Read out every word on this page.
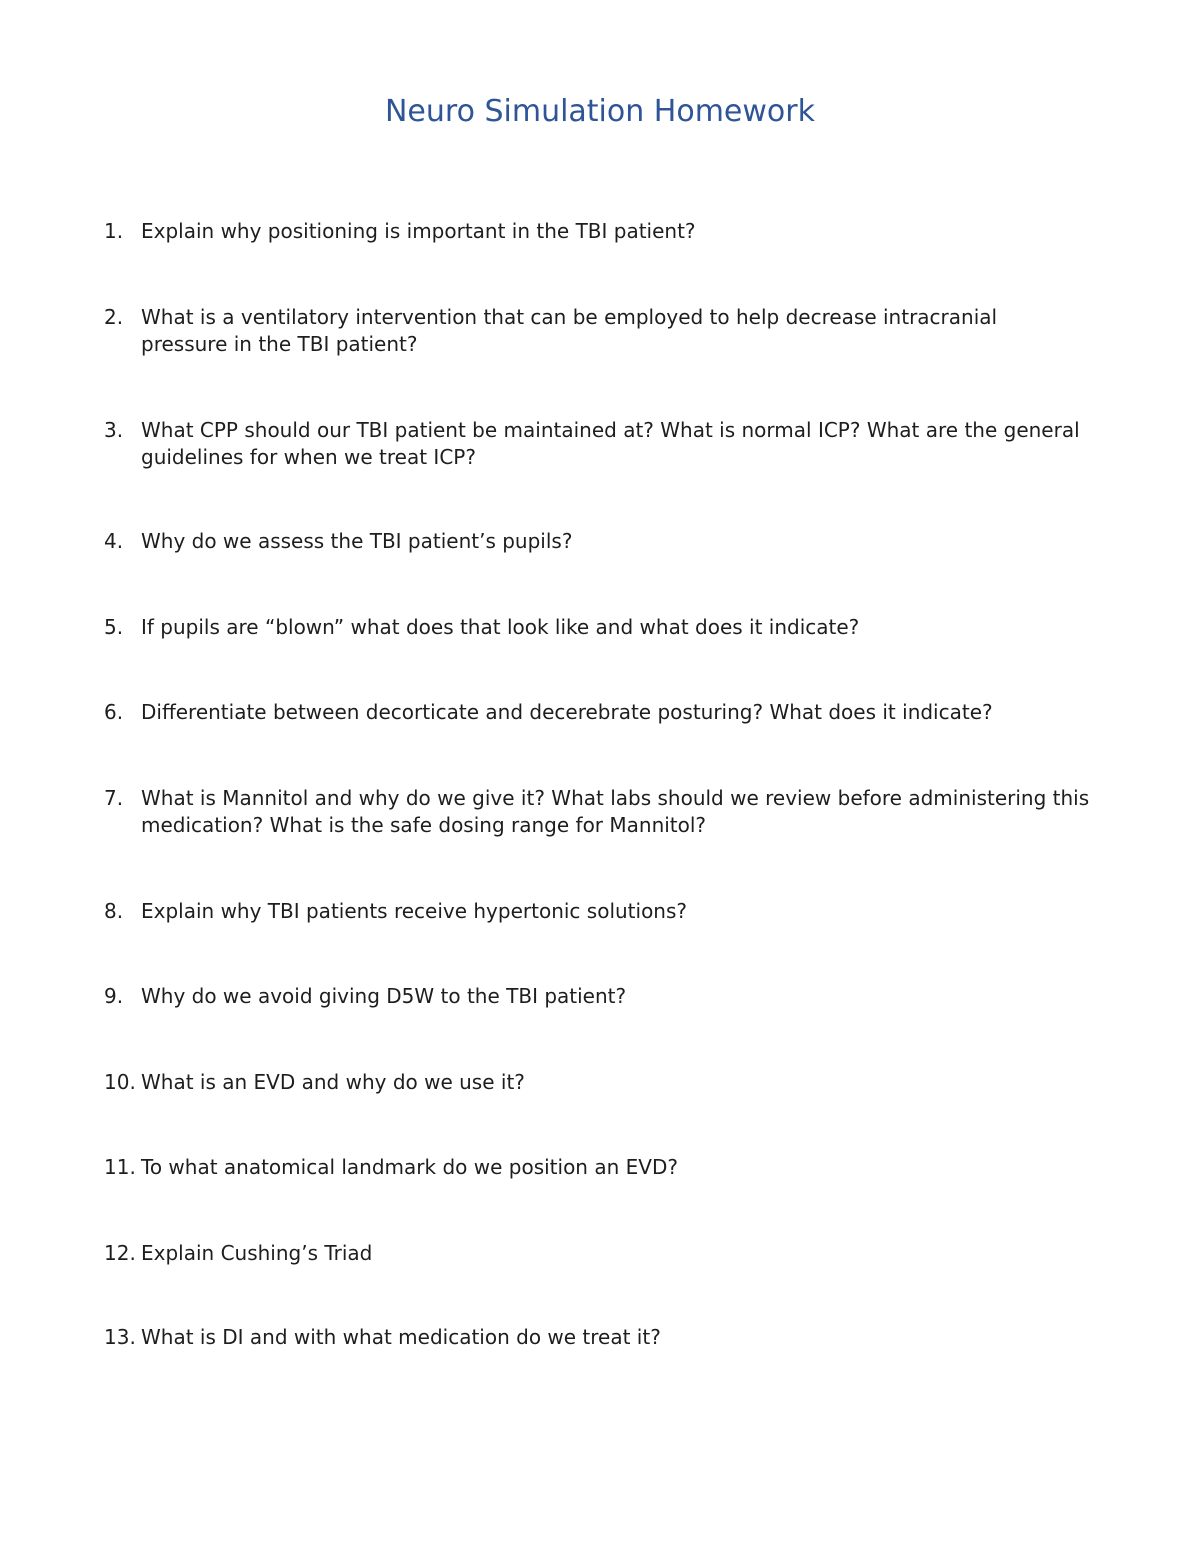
Neuro Simulation Homework
1. Explain why positioning is important in the TBI patient?
2. What is a ventilatory intervention that can be employed to help decrease intracranial pressure in the TBI patient?
3. What CPP should our TBI patient be maintained at? What is normal ICP? What are the general guidelines for when we treat ICP?
4. Why do we assess the TBI patient’s pupils?
5. If pupils are “blown” what does that look like and what does it indicate?
6. Differentiate between decorticate and decerebrate posturing? What does it indicate?
7. What is Mannitol and why do we give it? What labs should we review before administering this medication? What is the safe dosing range for Mannitol?
8. Explain why TBI patients receive hypertonic solutions?
9. Why do we avoid giving D5W to the TBI patient?
10. What is an EVD and why do we use it?
11. To what anatomical landmark do we position an EVD?
12. Explain Cushing’s Triad
13. What is DI and with what medication do we treat it?
